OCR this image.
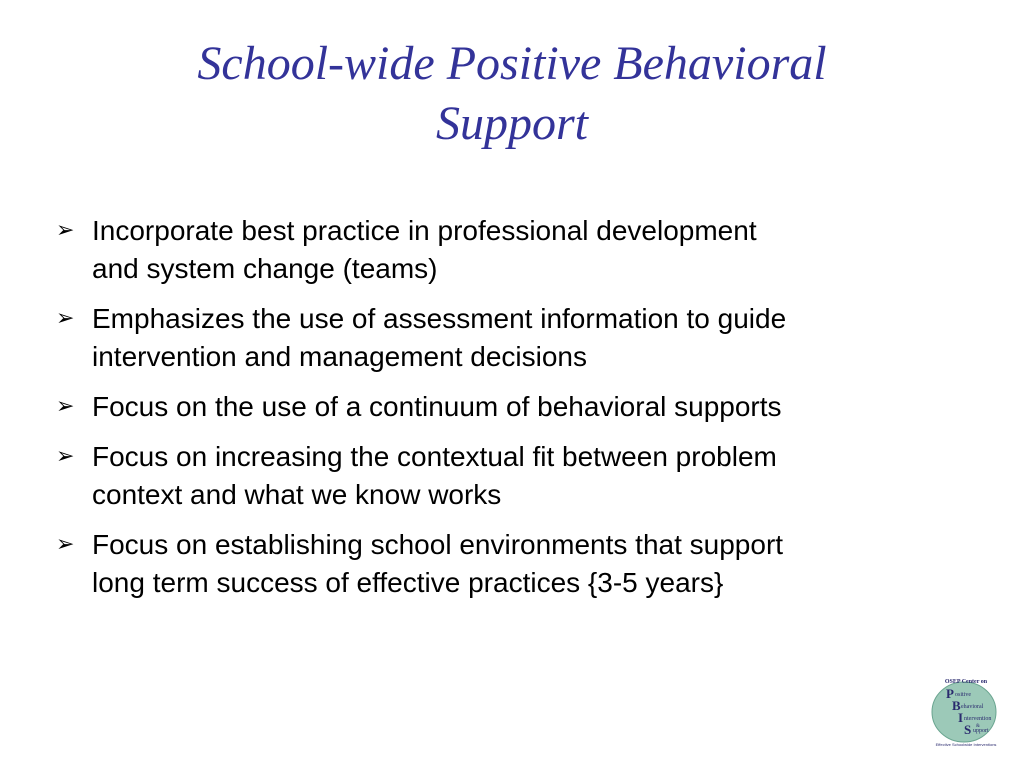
School-wide Positive Behavioral
Support
➢ Incorporate best practice in professional development
and system change (teams)
➢ Emphasizes the use of assessment information to guide
intervention and management decisions
➢ Focus on the use of a continuum of behavioral supports
➢ Focus on increasing the contextual fit between problem
context and what we know works
➢ Focus on establishing school environments that support
long term success of effective practices {3-5 years}
OSEP Center on
P ositive
B ehavioral
I ntervention
&
S upport
Effective Schoolwide Interventions
